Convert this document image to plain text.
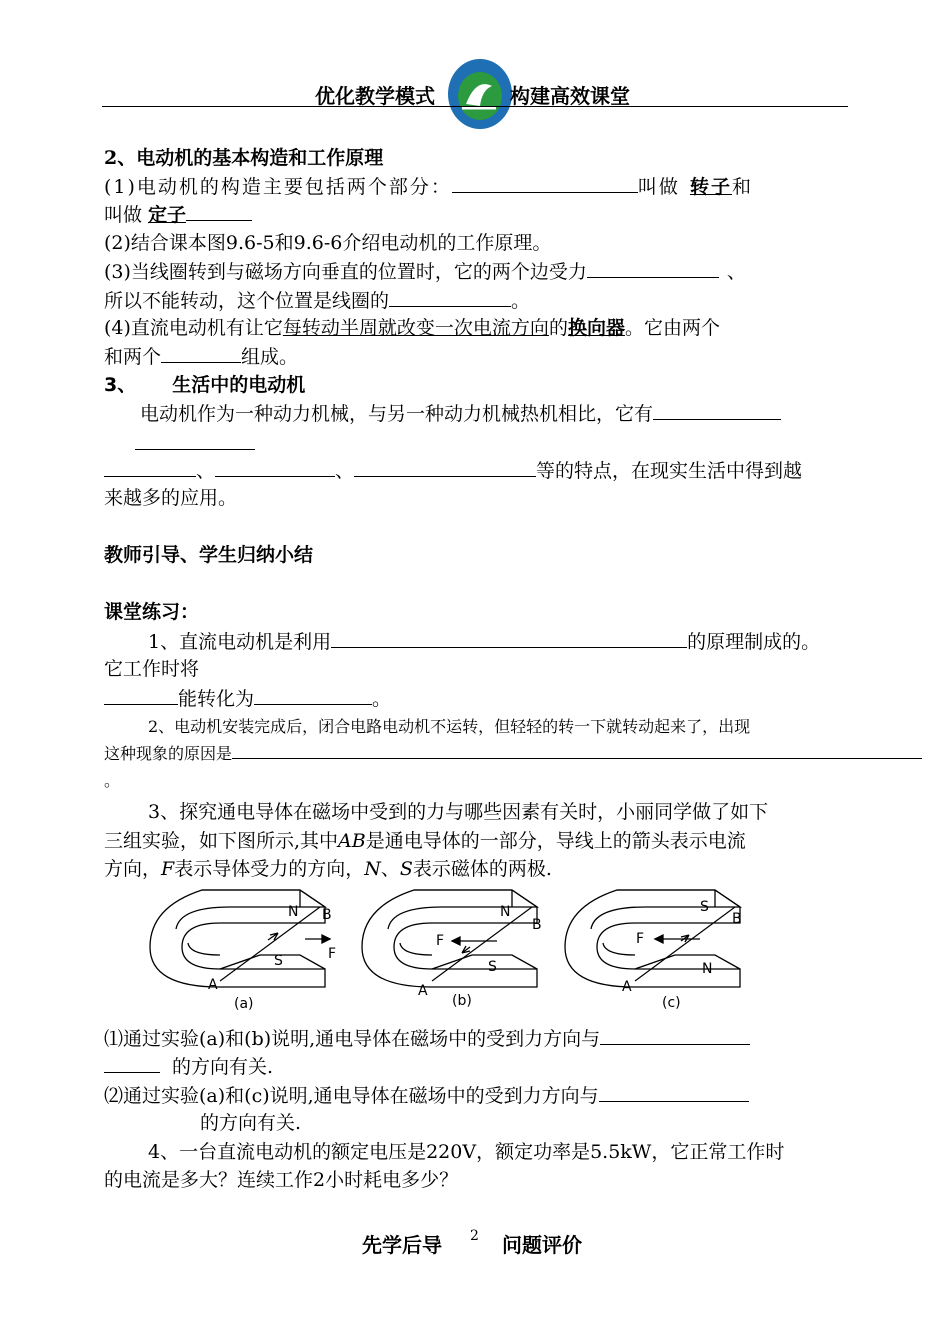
优化教学模式	构建高效课堂
2、电动机的基本构造和工作原理
(1)电动机的构造主要包括两个部分：	叫做 转子和
叫做 定子
(2)结合课本图9.6-5和9.6-6介绍电动机的工作原理。
(3)当线圈转到与磁场方向垂直的位置时，它的两个边受力	、
所以不能转动，这个位置是线圈的	。
(4)直流电动机有让它每转动半周就改变一次电流方向的换向器。它由两个
和两个	组成。
3、 生活中的电动机
电动机作为一种动力机械，与另一种动力机械热机相比，它有
、	、	等的特点，在现实生活中得到越
来越多的应用。
教师引导、学生归纳小结
课堂练习：
1、直流电动机是利用	的原理制成的。
它工作时将
能转化为	。
2、电动机安装完成后，闭合电路电动机不运转，但轻轻的转一下就转动起来了，出现
这种现象的原因是
。
3、探究通电导体在磁场中受到的力与哪些因素有关时，小丽同学做了如下
三组实验，如下图所示,其中AB是通电导体的一部分，导线上的箭头表示电流
方向，F表示导体受力的方向，N、S表示磁体的两极.
N
S	F
B
A
(a)
N
S
F
B
A
(b)
S
N
F
B
A
(c)
⑴通过实验(a)和(b)说明,通电导体在磁场中的受到力方向与
的方向有关.
⑵通过实验(a)和(c)说明,通电导体在磁场中的受到力方向与
的方向有关.
4、一台直流电动机的额定电压是220V，额定功率是5.5kW，它正常工作时
的电流是多大？连续工作2小时耗电多少？
先学后导 2 问题评价
